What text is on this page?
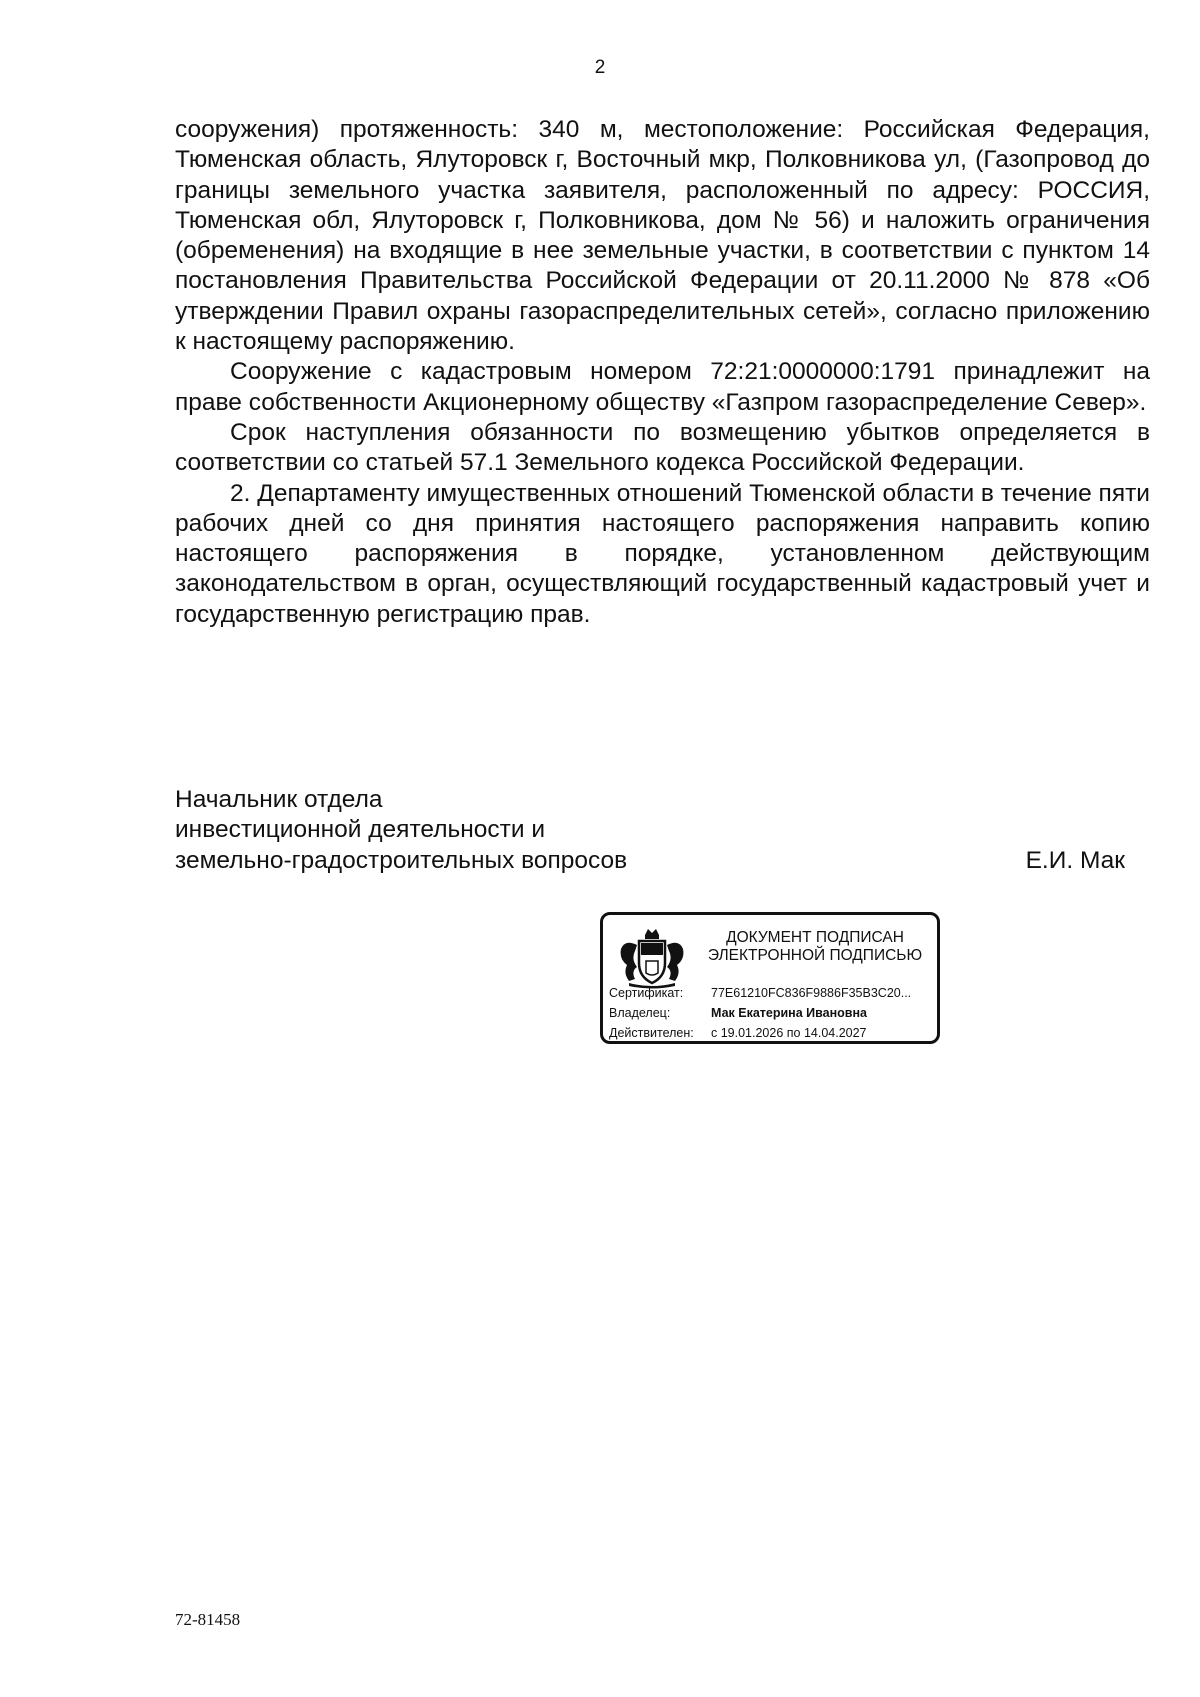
2

сооружения) протяженность: 340 м, местоположение: Российская Федерация, Тюменская область, Ялуторовск г, Восточный мкр, Полковникова ул, (Газопровод до границы земельного участка заявителя, расположенный по адресу: РОССИЯ, Тюменская обл, Ялуторовск г, Полковникова, дом № 56) и наложить ограничения (обременения) на входящие в нее земельные участки, в соответствии с пунктом 14 постановления Правительства Российской Федерации от 20.11.2000 № 878 «Об утверждении Правил охраны газораспределительных сетей», согласно приложению к настоящему распоряжению.

Сооружение с кадастровым номером 72:21:0000000:1791 принадлежит на праве собственности Акционерному обществу «Газпром газораспределение Север».

Срок наступления обязанности по возмещению убытков определяется в соответствии со статьей 57.1 Земельного кодекса Российской Федерации.

2. Департаменту имущественных отношений Тюменской области в течение пяти рабочих дней со дня принятия настоящего распоряжения направить копию настоящего распоряжения в порядке, установленном действующим законодательством в орган, осуществляющий государственный кадастровый учет и государственную регистрацию прав.

Начальник отдела
инвестиционной деятельности и
земельно-градостроительных вопросов	Е.И. Мак
ДОКУМЕНТ ПОДПИСАН
ЭЛЕКТРОННОЙ ПОДПИСЬЮ
Сертификат:	77E61210FC836F9886F35B3C20...
Владелец:	Мак Екатерина Ивановна
Действителен:	с 19.01.2026 по 14.04.2027
72-81458
